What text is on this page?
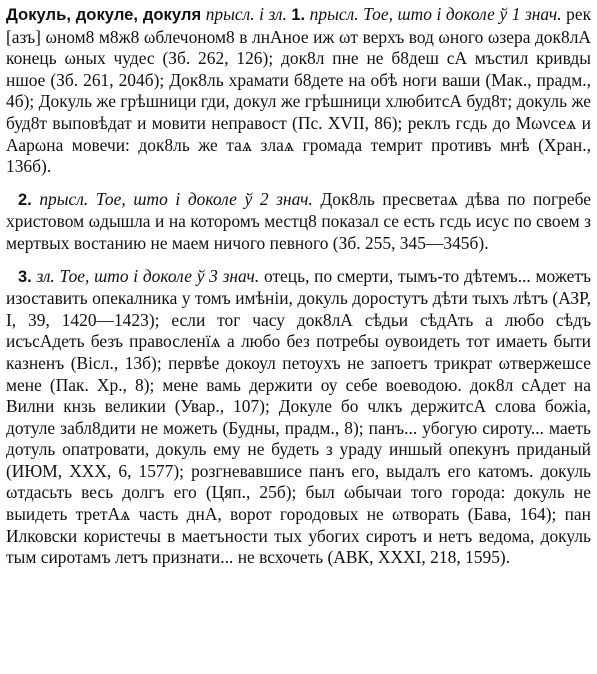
Докуль, докуле, докуля прысл. і зл. 1. прысл. Тое, што і доколе ў 1 знач. рек [азъ] ωном8 м8ж8 ωблечоном8 в лнАное иж ωт верхъ вод ωного ωзера док8лА конець ωных чудес (Зб. 262, 126); док8л пне не б8деш сА мъстил кривды ншое (Зб. 261, 204б); Док8ль храмати б8дете на обѣ ноги ваши (Мак., прадм., 4б); Докуль же грѣшници гди, докул же грѣшници хлюбитсА буд8т; докуль же буд8т выповѣдат и мовити неправост (Пс. XVII, 86); реклъ гсдь до Мωνсеѧ и Аарωна мовечи: док8ль же таѧ злаѧ громада темрит противъ мнѣ (Хран., 136б).

2. прысл. Тое, што і доколе ў 2 знач. Док8ль пресветаѧ дѣва по погребе христовом ωдышла и на которомъ местц8 показал се есть гсдь исус по своем з мертвых востанию не маем ничого певного (Зб. 255, 345—345б).

3. зл. Тое, што і доколе ў 3 знач. отець, по смерти, тымъ-то дѣтемъ... можетъ изоставить опекалника у томъ имѣнiи, докуль доростутъ дѣти тыхъ лѣтъ (АЗР, I, 39, 1420—1423); если тог часу док8лА сѣдьи сѣдАть а любо сѣдъ исъсАдеть безъ правосленїѧ а любо без потребы оувоидеть тот имаеть быти казненъ (Вісл., 13б); первѣе докоул петоухъ не запоетъ трикрат ωтвержешсе мене (Пак. Хр., 8); мене вамь держити оу себе воеводою. док8л сАдет на Вилни кнзь великии (Увар., 107); Докуле бо члкъ держитсА слова божiа, дотуле забл8дити не можеть (Будны, прадм., 8); панъ... убогую сироту... маеть дотуль опатровати, докуль ему не будеть з ураду иншый опекунъ приданый (ИЮМ, XXX, 6, 1577); розгневавшисе панъ его, выдалъ его катомъ. докуль ωтдасьть весь долгъ его (Цяп., 25б); был ωбычаи того города: докуль не выидеть третАѧ часть днА, ворот городовых не ωтворать (Бава, 164); пан Илковски користечы в маетъности тых убогих сиротъ и нетъ ведома, докуль тым сиротамъ летъ признати... не всхочеть (АВК, XXXI, 218, 1595).
